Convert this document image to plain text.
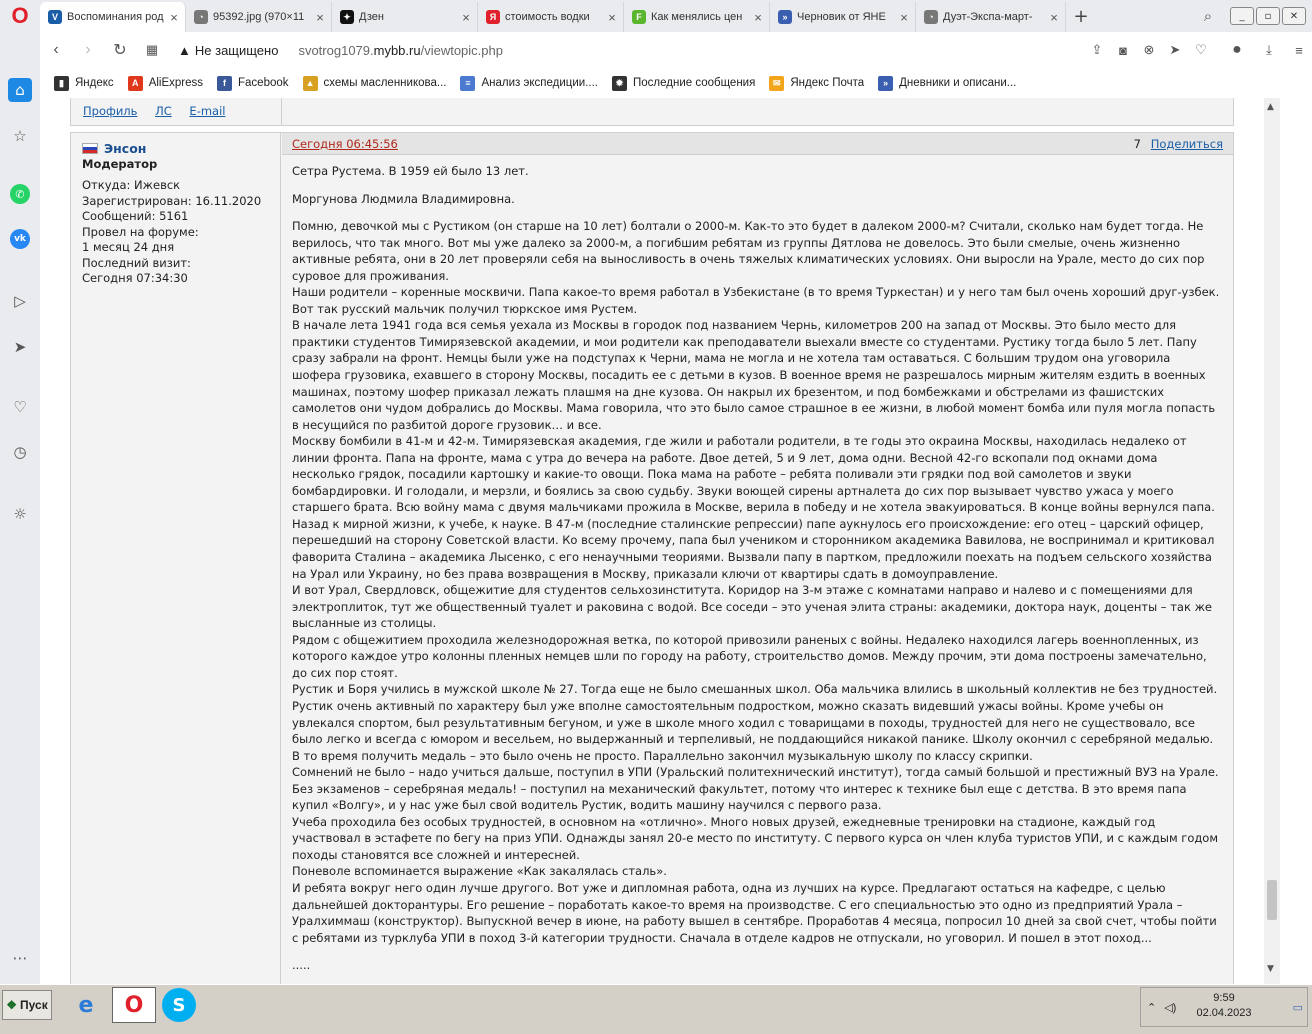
O	V Воспоминания род ×	◔ 95392.jpg (970×11 ×	✦ Дзен	×	Я стоимость водки	×	F Как менялись цен ×	» Черновик от ЯНЕ	×	◔ Дуэт-Экспа-март-	× +	⌕	_	▫	✕
‹	›	↻	▦	▲ Не защищено svotrog1079.mybb.ru/viewtopic.php	⇪	◙	⊗	➤	♡	●	⤓	≡
▮ Яндекс	A AliExpress	f	Facebook	▲ схемы масленникова...	≡ Анализ экспедиции....	✹ Последние сообщения	✉ Яндекс Почта	» Дневники и описани...
⌂
☆
✆
vk
▷
➤
♡
◷
☼
⋯
Профиль ЛС E-mail
Энсон
Модератор
Откуда: Ижевск
Зарегистрирован: 16.11.2020
Сообщений: 5161
Провел на форуме:
1 месяц 24 дня
Последний визит:
Сегодня 07:34:30
Сегодня 06:45:56	7 Поделиться

Сетра Рустема. В 1959 ей было 13 лет.

Моргунова Людмила Владимировна.

Помню, девочкой мы с Рустиком (он старше на 10 лет) болтали о 2000-м. Как-то это будет в далеком 2000-м? Считали, сколько нам будет тогда. Не верилось, что так много. Вот мы уже далеко за 2000-м, а погибшим ребятам из группы Дятлова не довелось. Это были смелые, очень жизненно активные ребята, они в 20 лет проверяли себя на выносливость в очень тяжелых климатических условиях. Они выросли на Урале, место до сих пор суровое для проживания.

Наши родители – коренные москвичи. Папа какое-то время работал в Узбекистане (в то время Туркестан) и у него там был очень хороший друг-узбек. Вот так русский мальчик получил тюркское имя Рустем.

В начале лета 1941 года вся семья уехала из Москвы в городок под названием Чернь, километров 200 на запад от Москвы. Это было место для практики студентов Тимирязевской академии, и мои родители как преподаватели выехали вместе со студентами. Рустику тогда было 5 лет. Папу сразу забрали на фронт. Немцы были уже на подступах к Черни, мама не могла и не хотела там оставаться. С большим трудом она уговорила шофера грузовика, ехавшего в сторону Москвы, посадить ее с детьми в кузов. В военное время не разрешалось мирным жителям ездить в военных машинах, поэтому шофер приказал лежать плашмя на дне кузова. Он накрыл их брезентом, и под бомбежками и обстрелами из фашистских самолетов они чудом добрались до Москвы. Мама говорила, что это было самое страшное в ее жизни, в любой момент бомба или пуля могла попасть в несущийся по разбитой дороге грузовик… и все.

Москву бомбили в 41-м и 42-м. Тимирязевская академия, где жили и работали родители, в те годы это окраина Москвы, находилась недалеко от линии фронта. Папа на фронте, мама с утра до вечера на работе. Двое детей, 5 и 9 лет, дома одни. Весной 42-го вскопали под окнами дома несколько грядок, посадили картошку и какие-то овощи. Пока мама на работе – ребята поливали эти грядки под вой самолетов и звуки бомбардировки. И голодали, и мерзли, и боялись за свою судьбу. Звуки воющей сирены артналета до сих пор вызывает чувство ужаса у моего старшего брата. Всю войну мама с двумя мальчиками прожила в Москве, верила в победу и не хотела эвакуироваться. В конце войны вернулся папа. Назад к мирной жизни, к учебе, к науке. В 47-м (последние сталинские репрессии) папе аукнулось его происхождение: его отец – царский офицер, перешедший на сторону Советской власти. Ко всему прочему, папа был учеником и сторонником академика Вавилова, не воспринимал и критиковал фаворита Сталина – академика Лысенко, с его ненаучными теориями. Вызвали папу в партком, предложили поехать на подъем сельского хозяйства на Урал или Украину, но без права возвращения в Москву, приказали ключи от квартиры сдать в домоуправление.

И вот Урал, Свердловск, общежитие для студентов сельхозинститута. Коридор на 3-м этаже с комнатами направо и налево и с помещениями для электроплиток, тут же общественный туалет и раковина с водой. Все соседи – это ученая элита страны: академики, доктора наук, доценты – так же высланные из столицы.

Рядом с общежитием проходила железнодорожная ветка, по которой привозили раненых с войны. Недалеко находился лагерь военнопленных, из которого каждое утро колонны пленных немцев шли по городу на работу, строительство домов. Между прочим, эти дома построены замечательно, до сих пор стоят.

Рустик и Боря учились в мужской школе № 27. Тогда еще не было смешанных школ. Оба мальчика влились в школьный коллектив не без трудностей.

Рустик очень активный по характеру был уже вполне самостоятельным подростком, можно сказать видевший ужасы войны. Кроме учебы он увлекался спортом, был результативным бегуном, и уже в школе много ходил с товарищами в походы, трудностей для него не существовало, все было легко и всегда с юмором и весельем, но выдержанный и терпеливый, не поддающийся никакой панике. Школу окончил с серебряной медалью. В то время получить медаль – это было очень не просто. Параллельно закончил музыкальную школу по классу скрипки.

Сомнений не было – надо учиться дальше, поступил в УПИ (Уральский политехнический институт), тогда самый большой и престижный ВУЗ на Урале. Без экзаменов – серебряная медаль! – поступил на механический факультет, потому что интерес к технике был еще с детства. В это время папа купил «Волгу», и у нас уже был свой водитель Рустик, водить машину научился с первого раза.

Учеба проходила без особых трудностей, в основном на «отлично». Много новых друзей, ежедневные тренировки на стадионе, каждый год участвовал в эстафете по бегу на приз УПИ. Однажды занял 20-е место по институту. С первого курса он член клуба туристов УПИ, и с каждым годом походы становятся все сложней и интересней.

Поневоле вспоминается выражение «Как закалялась сталь».

И ребята вокруг него один лучше другого. Вот уже и дипломная работа, одна из лучших на курсе. Предлагают остаться на кафедре, с целью дальнейшей докторантуры. Его решение – поработать какое-то время на производстве. С его специальностью это одно из предприятий Урала – Уралхиммаш (конструктор). Выпускной вечер в июне, на работу вышел в сентябре. Проработав 4 месяца, попросил 10 дней за свой счет, чтобы пойти с ребятами из турклуба УПИ в поход 3-й категории трудности. Сначала в отделе кадров не отпускали, но уговорил. И пошел в этот поход...

.....

▲
▼
❖ Пуск	e	O	S	⌃ ◁)
9:59
02.04.2023	▭
